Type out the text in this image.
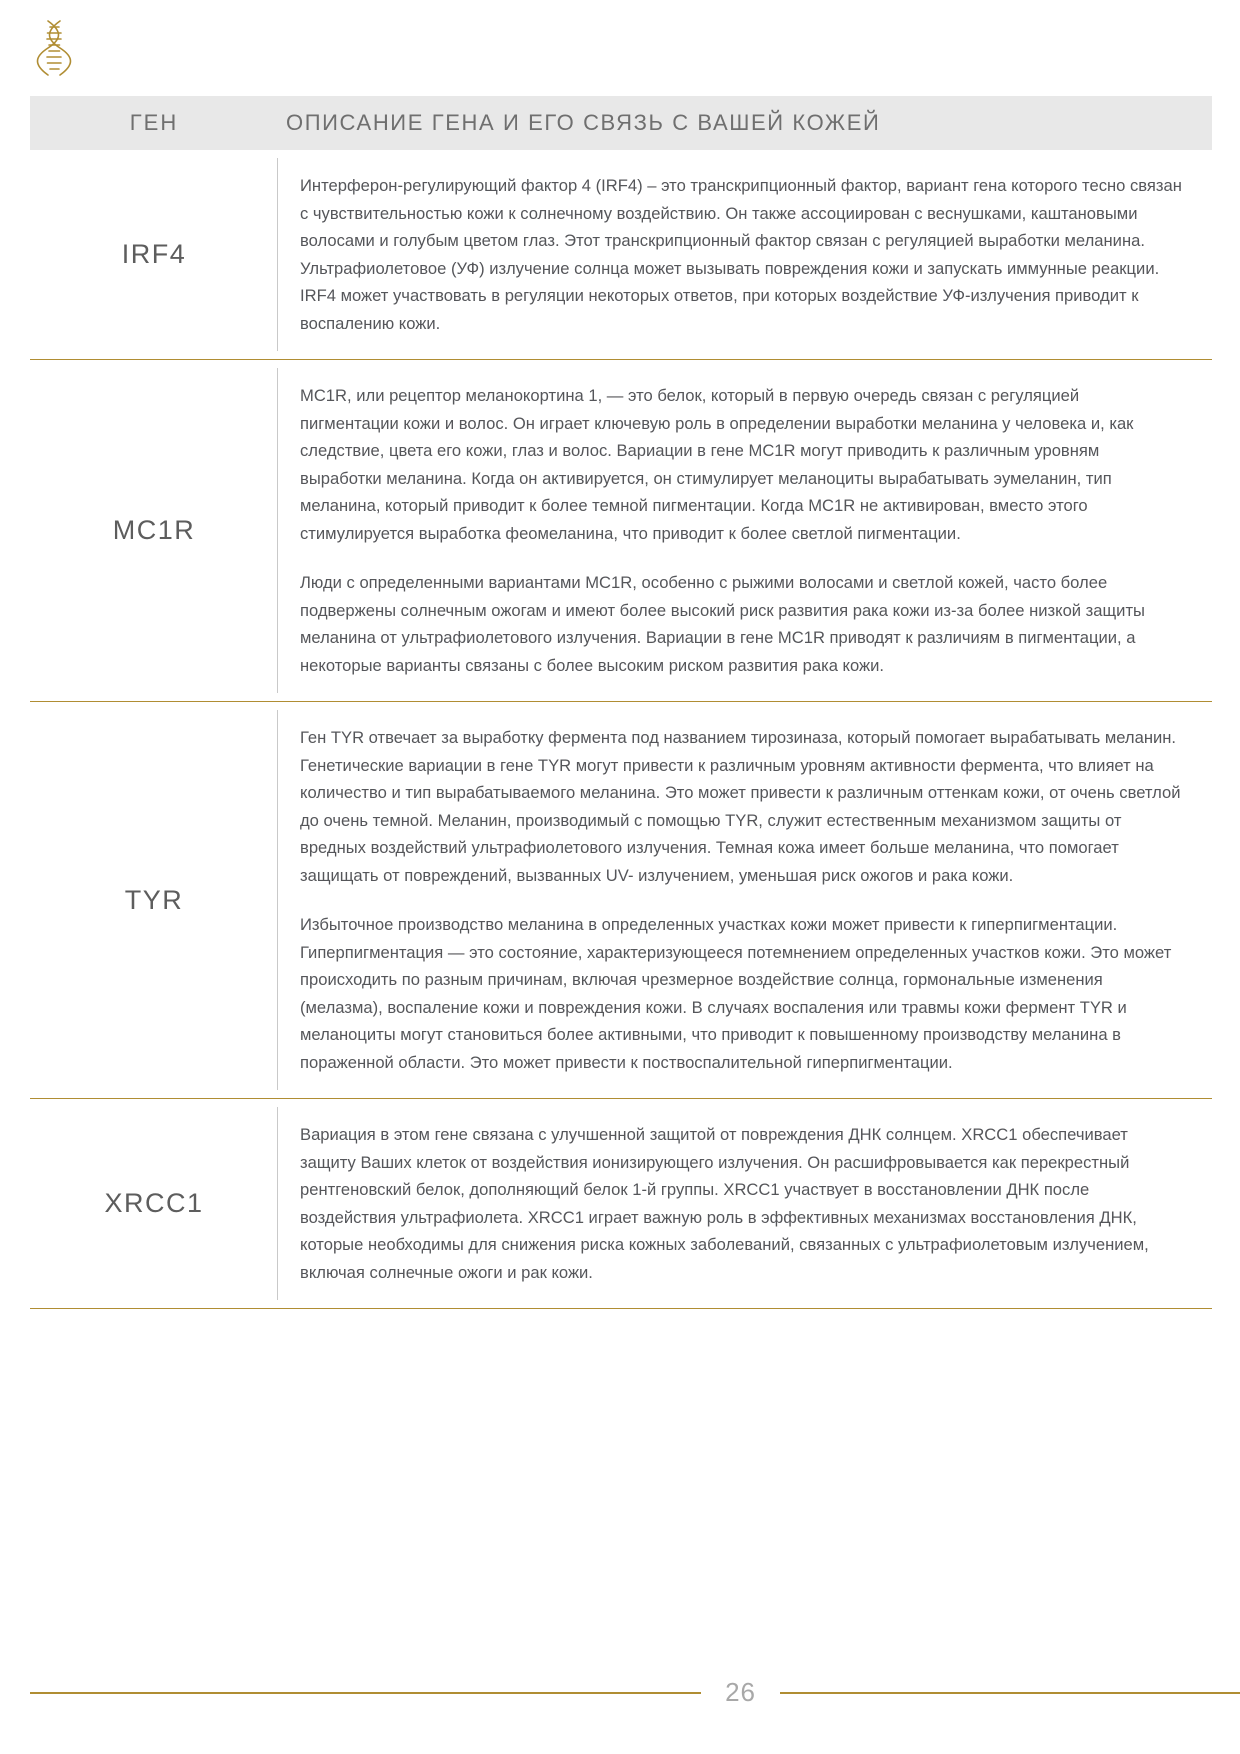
ГЕН	ОПИСАНИЕ ГЕНА И ЕГО СВЯЗЬ С ВАШЕЙ КОЖЕЙ
IRF4

Интерферон-регулирующий фактор 4 (IRF4) – это транскрипционный фактор, вариант гена которого тесно связан с чувствительностью кожи к солнечному воздействию. Он также ассоциирован с веснушками, каштановыми волосами и голубым цветом глаз. Этот транскрипционный фактор связан с регуляцией выработки меланина. Ультрафиолетовое (УФ) излучение солнца может вызывать повреждения кожи и запускать иммунные реакции. IRF4 может участвовать в регуляции некоторых ответов, при которых воздействие УФ-излучения приводит к воспалению кожи.

MC1R

MC1R, или рецептор меланокортина 1, — это белок, который в первую очередь связан с регуляцией пигментации кожи и волос. Он играет ключевую роль в определении выработки меланина у человека и, как следствие, цвета его кожи, глаз и волос. Вариации в гене MC1R могут приводить к различным уровням выработки меланина. Когда он активируется, он стимулирует меланоциты вырабатывать эумеланин, тип меланина, который приводит к более темной пигментации. Когда MC1R не активирован, вместо этого стимулируется выработка феомеланина, что приводит к более светлой пигментации.

Люди с определенными вариантами MC1R, особенно с рыжими волосами и светлой кожей, часто более подвержены солнечным ожогам и имеют более высокий риск развития рака кожи из-за более низкой защиты меланина от ультрафиолетового излучения. Вариации в гене MC1R приводят к различиям в пигментации, а некоторые варианты связаны с более высоким риском развития рака кожи.

TYR

Ген TYR отвечает за выработку фермента под названием тирозиназа, который помогает вырабатывать меланин. Генетические вариации в гене TYR могут привести к различным уровням активности фермента, что влияет на количество и тип вырабатываемого меланина. Это может привести к различным оттенкам кожи, от очень светлой до очень темной. Меланин, производимый с помощью TYR, служит естественным механизмом защиты от вредных воздействий ультрафиолетового излучения. Темная кожа имеет больше меланина, что помогает защищать от повреждений, вызванных UV- излучением, уменьшая риск ожогов и рака кожи.

Избыточное производство меланина в определенных участках кожи может привести к гиперпигментации. Гиперпигментация — это состояние, характеризующееся потемнением определенных участков кожи. Это может происходить по разным причинам, включая чрезмерное воздействие солнца, гормональные изменения (мелазма), воспаление кожи и повреждения кожи. В случаях воспаления или травмы кожи фермент TYR и меланоциты могут становиться более активными, что приводит к повышенному производству меланина в пораженной области. Это может привести к поствоспалительной гиперпигментации.

XRCC1

Вариация в этом гене связана с улучшенной защитой от повреждения ДНК солнцем. XRCC1 обеспечивает защиту Ваших клеток от воздействия ионизирующего излучения. Он расшифровывается как перекрестный рентгеновский белок, дополняющий белок 1-й группы. XRCC1 участвует в восстановлении ДНК после воздействия ультрафиолета. XRCC1 играет важную роль в эффективных механизмах восстановления ДНК, которые необходимы для снижения риска кожных заболеваний, связанных с ультрафиолетовым излучением, включая солнечные ожоги и рак кожи.

26
